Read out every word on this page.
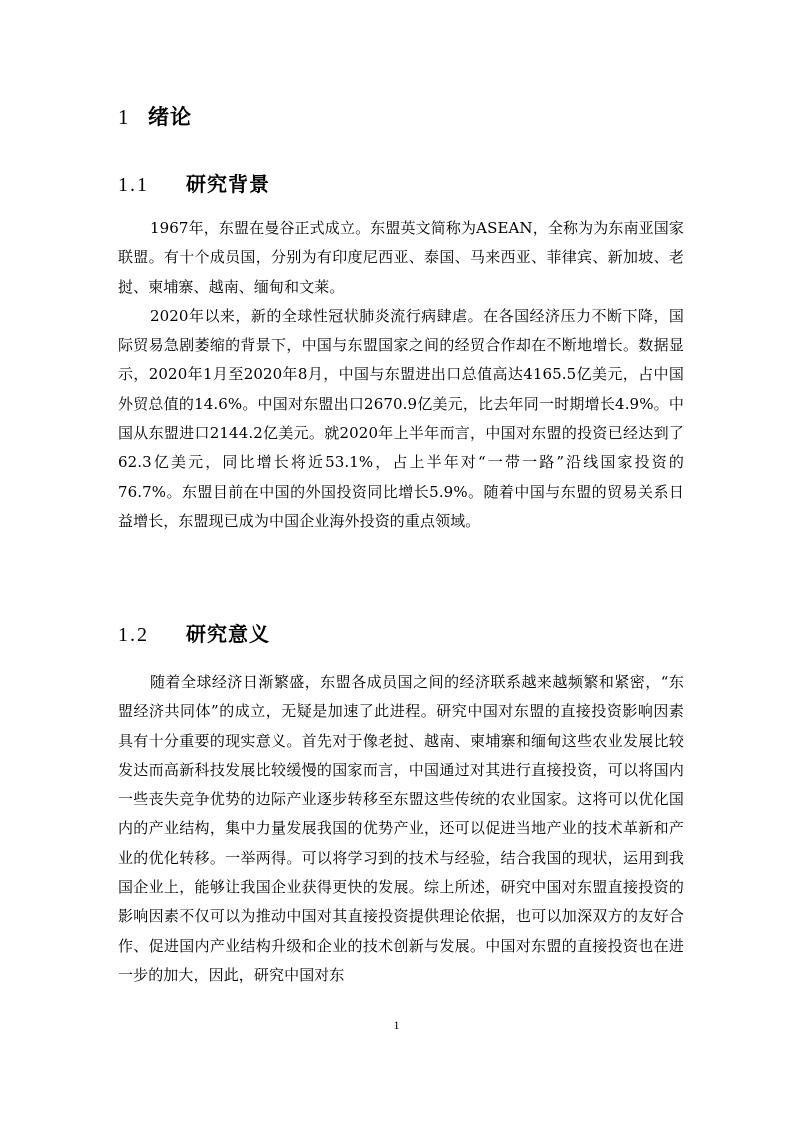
1 绪论
1.1 研究背景

1967年，东盟在曼谷正式成立。东盟英文简称为ASEAN，全称为为东南亚国家联盟。有十个成员国，分别为有印度尼西亚、泰国、马来西亚、菲律宾、新加坡、老挝、柬埔寨、越南、缅甸和文莱。

2020年以来，新的全球性冠状肺炎流行病肆虐。在各国经济压力不断下降，国际贸易急剧萎缩的背景下，中国与东盟国家之间的经贸合作却在不断地增长。数据显示，2020年1月至2020年8月，中国与东盟进出口总值高达4165.5亿美元，占中国外贸总值的14.6%。中国对东盟出口2670.9亿美元，比去年同一时期增长4.9%。中国从东盟进口2144.2亿美元。就2020年上半年而言，中国对东盟的投资已经达到了62.3亿美元，同比增长将近53.1%，占上半年对“一带一路”沿线国家投资的76.7%。东盟目前在中国的外国投资同比增长5.9%。随着中国与东盟的贸易关系日益增长，东盟现已成为中国企业海外投资的重点领域。

1.2 研究意义

随着全球经济日渐繁盛，东盟各成员国之间的经济联系越来越频繁和紧密，“东盟经济共同体”的成立，无疑是加速了此进程。研究中国对东盟的直接投资影响因素具有十分重要的现实意义。首先对于像老挝、越南、柬埔寨和缅甸这些农业发展比较发达而高新科技发展比较缓慢的国家而言，中国通过对其进行直接投资，可以将国内一些丧失竞争优势的边际产业逐步转移至东盟这些传统的农业国家。这将可以优化国内的产业结构，集中力量发展我国的优势产业，还可以促进当地产业的技术革新和产业的优化转移。一举两得。可以将学习到的技术与经验，结合我国的现状，运用到我国企业上，能够让我国企业获得更快的发展。综上所述，研究中国对东盟直接投资的影响因素不仅可以为推动中国对其直接投资提供理论依据，也可以加深双方的友好合作、促进国内产业结构升级和企业的技术创新与发展。中国对东盟的直接投资也在进一步的加大，因此，研究中国对东

1
